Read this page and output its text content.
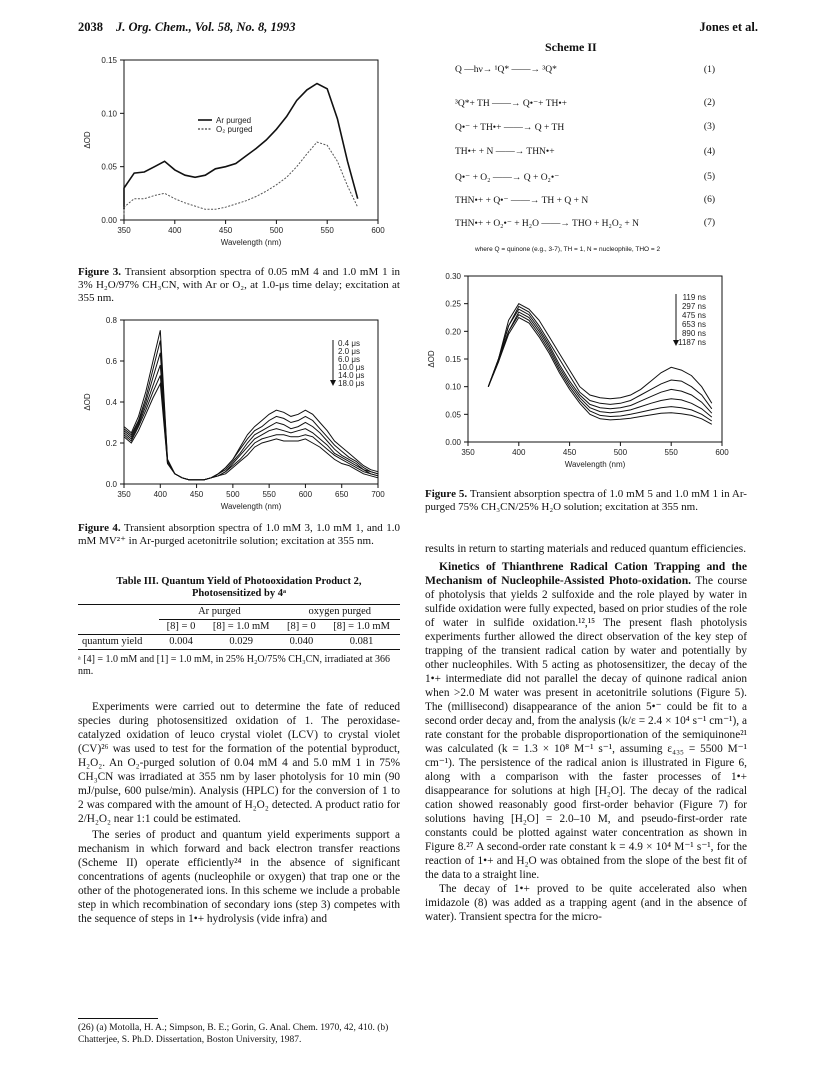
2038 J. Org. Chem., Vol. 58, No. 8, 1993	Jones et al.
350	400	450	500	550	600
0.00
0.05
0.10
0.15
Wavelength (nm)
ΔOD
Ar purged
O₂ purged
Figure 3. Transient absorption spectra of 0.05 mM 4 and 1.0 mM 1 in 3% H₂O/97% CH₃CN, with Ar or O₂, at 1.0-μs time delay; excitation at 355 nm.
350	400	450	500	550	600	650	700
0.0
0.2
0.4
0.6
0.8
Wavelength (nm)
ΔOD
0.4 μs
2.0 μs
6.0 μs
10.0 μs
14.0 μs
18.0 μs
Figure 4. Transient absorption spectra of 1.0 mM 3, 1.0 mM 1, and 1.0 mM MV²⁺ in Ar-purged acetonitrile solution; excitation at 355 nm.
Table III. Quantum Yield of Photooxidation Product 2,
Photosensitized by 4ᵃ
	Ar purged		oxygen purged	
	[8] = 0	[8] = 1.0 mM	[8] = 0	[8] = 1.0 mM
quantum yield	0.004	0.029	0.040	0.081
ᵃ [4] = 1.0 mM and [1] = 1.0 mM, in 25% H₂O/75% CH₃CN, irradiated at 366 nm.

Experiments were carried out to determine the fate of reduced species during photosensitized oxidation of 1. The peroxidase-catalyzed oxidation of leuco crystal violet (LCV) to crystal violet (CV)²⁶ was used to test for the formation of the potential byproduct, H₂O₂. An O₂-purged solution of 0.04 mM 4 and 5.0 mM 1 in 75% CH₃CN was irradiated at 355 nm by laser photolysis for 10 min (90 mJ/pulse, 600 pulse/min). Analysis (HPLC) for the conversion of 1 to 2 was compared with the amount of H₂O₂ detected. A product ratio for 2/H₂O₂ near 1:1 could be estimated.

The series of product and quantum yield experiments support a mechanism in which forward and back electron transfer reactions (Scheme II) operate efficiently²⁴ in the absence of significant concentrations of agents (nucleophile or oxygen) that trap one or the other of the photogenerated ions. In this scheme we include a probable step in which recombination of secondary ions (step 3) competes with the sequence of steps in 1•+ hydrolysis (vide infra) and

(26) (a) Motolla, H. A.; Simpson, B. E.; Gorin, G. Anal. Chem. 1970, 42, 410. (b) Chatterjee, S. Ph.D. Dissertation, Boston University, 1987.
Scheme II
Q —hν→ ¹Q* ——→ ³Q*	(1)
³Q*+ TH ——→ Q•⁻+ TH•+	(2)
Q•⁻ + TH•+ ——→ Q + TH	(3)
TH•+ + N ——→ THN•+	(4)
Q•⁻ + O₂ ——→ Q + O₂•⁻	(5)
THN•+ + Q•⁻ ——→ TH + Q + N	(6)
THN•+ + O₂•⁻ + H₂O ——→ THO + H₂O₂ + N	(7)
where Q = quinone (e.g., 3-7), TH = 1, N = nucleophile, THO = 2
350	400	450	500	550	600
0.00
0.05
0.10
0.15
0.20
0.25
0.30
Wavelength (nm)
ΔOD
119 ns
297 ns
475 ns
653 ns
890 ns
1187 ns
Figure 5. Transient absorption spectra of 1.0 mM 5 and 1.0 mM 1 in Ar-purged 75% CH₃CN/25% H₂O solution; excitation at 355 nm.

results in return to starting materials and reduced quantum efficiencies.

Kinetics of Thianthrene Radical Cation Trapping and the Mechanism of Nucleophile-Assisted Photo-oxidation. The course of photolysis that yields 2 sulfoxide and the role played by water in sulfide oxidation were fully expected, based on prior studies of the role of water in sulfide oxidation.¹²,¹⁵ The present flash photolysis experiments further allowed the direct observation of the key step of trapping of the transient radical cation by water and potentially by other nucleophiles. With 5 acting as photosensitizer, the decay of the 1•+ intermediate did not parallel the decay of quinone radical anion when >2.0 M water was present in acetonitrile solutions (Figure 5). The (millisecond) disappearance of the anion 5•⁻ could be fit to a second order decay and, from the analysis (k/ε = 2.4 × 10⁴ s⁻¹ cm⁻¹), a rate constant for the probable disproportionation of the semiquinone²¹ was calculated (k = 1.3 × 10⁸ M⁻¹ s⁻¹, assuming ε₄₃₅ = 5500 M⁻¹ cm⁻¹). The persistence of the radical anion is illustrated in Figure 6, along with a comparison with the faster processes of 1•+ disappearance for solutions at high [H₂O]. The decay of the radical cation showed reasonably good first-order behavior (Figure 7) for solutions having [H₂O] = 2.0–10 M, and pseudo-first-order rate constants could be plotted against water concentration as shown in Figure 8.²⁷ A second-order rate constant k = 4.9 × 10⁴ M⁻¹ s⁻¹, for the reaction of 1•+ and H₂O was obtained from the slope of the best fit of the data to a straight line.

The decay of 1•+ proved to be quite accelerated also when imidazole (8) was added as a trapping agent (and in the absence of water). Transient spectra for the micro-
